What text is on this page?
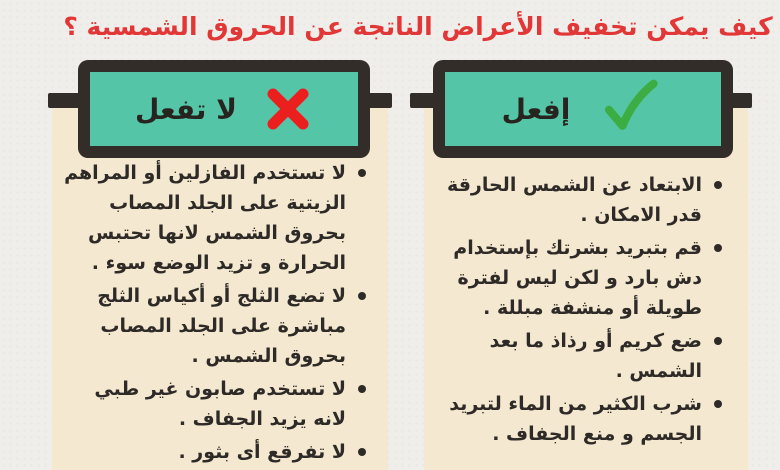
كيف يمكن تخفيف الأعراض الناتجة عن الحروق الشمسية ؟
لا تستخدم الفازلين أو المراهم الزيتية على الجلد المصاب بحروق الشمس لانها تحتبس الحرارة و تزيد الوضع سوء .
لا تضع الثلج أو أكياس الثلج مباشرة على الجلد المصاب بحروق الشمس .
لا تستخدم صابون غير طبي لانه يزيد الجفاف .
لا تفرقع أى بثور .
لا تفعل
الابتعاد عن الشمس الحارقة قدر الامكان .
قم بتبريد بشرتك بإستخدام دش بارد و لكن ليس لفترة طويلة أو منشفة مبللة .
ضع كريم أو رذاذ ما بعد الشمس .
شرب الكثير من الماء لتبريد الجسم و منع الجفاف .
إفعل
